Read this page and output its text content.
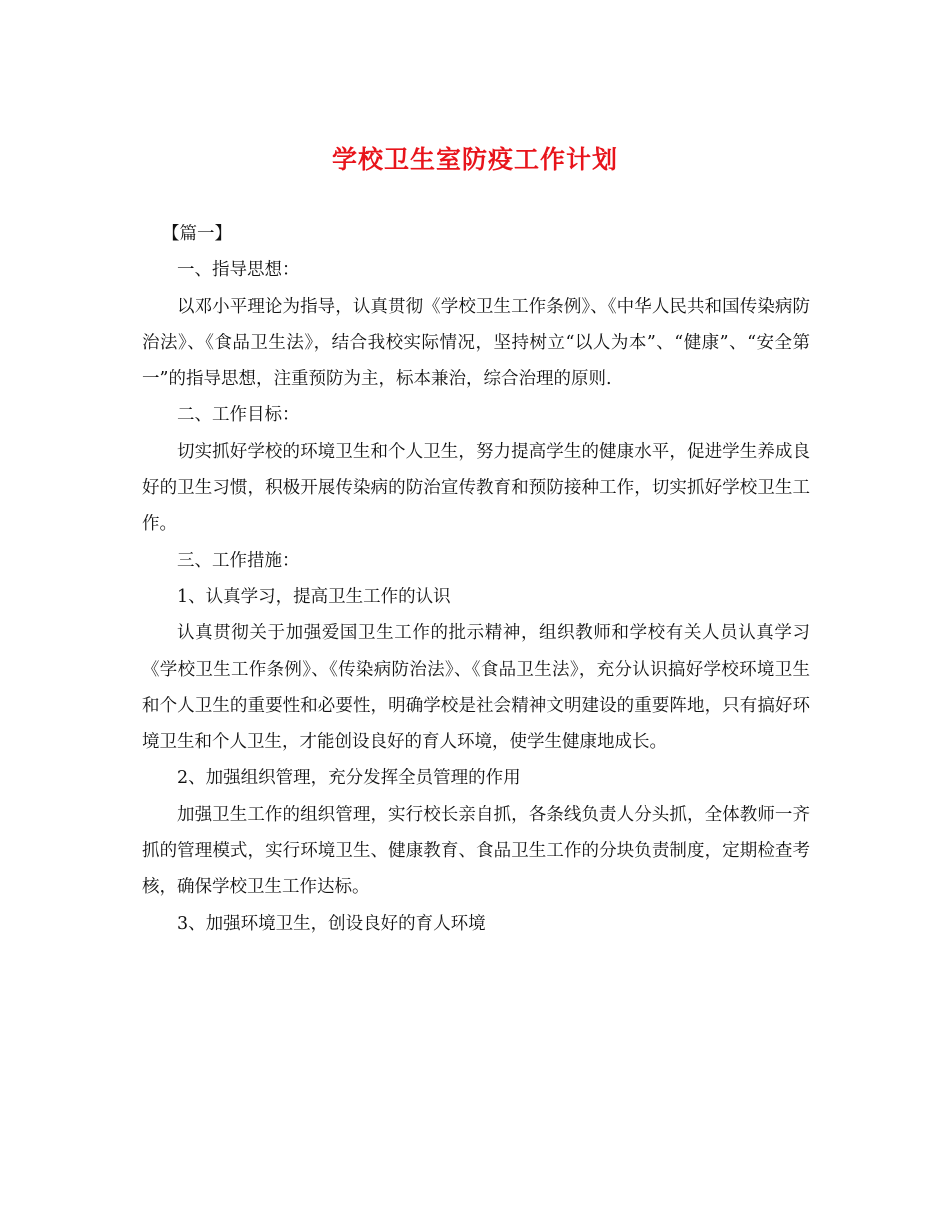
学校卫生室防疫工作计划

【篇一】

一、指导思想：

以邓小平理论为指导，认真贯彻《学校卫生工作条例》、《中华人民共和国传染病防治法》、《食品卫生法》，结合我校实际情况，坚持树立“以人为本”、“健康”、“安全第一”的指导思想，注重预防为主，标本兼治，综合治理的原则.

二、工作目标：

切实抓好学校的环境卫生和个人卫生，努力提高学生的健康水平，促进学生养成良好的卫生习惯，积极开展传染病的防治宣传教育和预防接种工作，切实抓好学校卫生工作。

三、工作措施：

1、认真学习，提高卫生工作的认识

认真贯彻关于加强爱国卫生工作的批示精神，组织教师和学校有关人员认真学习《学校卫生工作条例》、《传染病防治法》、《食品卫生法》，充分认识搞好学校环境卫生和个人卫生的重要性和必要性，明确学校是社会精神文明建设的重要阵地，只有搞好环境卫生和个人卫生，才能创设良好的育人环境，使学生健康地成长。

2、加强组织管理，充分发挥全员管理的作用

加强卫生工作的组织管理，实行校长亲自抓，各条线负责人分头抓，全体教师一齐抓的管理模式，实行环境卫生、健康教育、食品卫生工作的分块负责制度，定期检查考核，确保学校卫生工作达标。

3、加强环境卫生，创设良好的育人环境
